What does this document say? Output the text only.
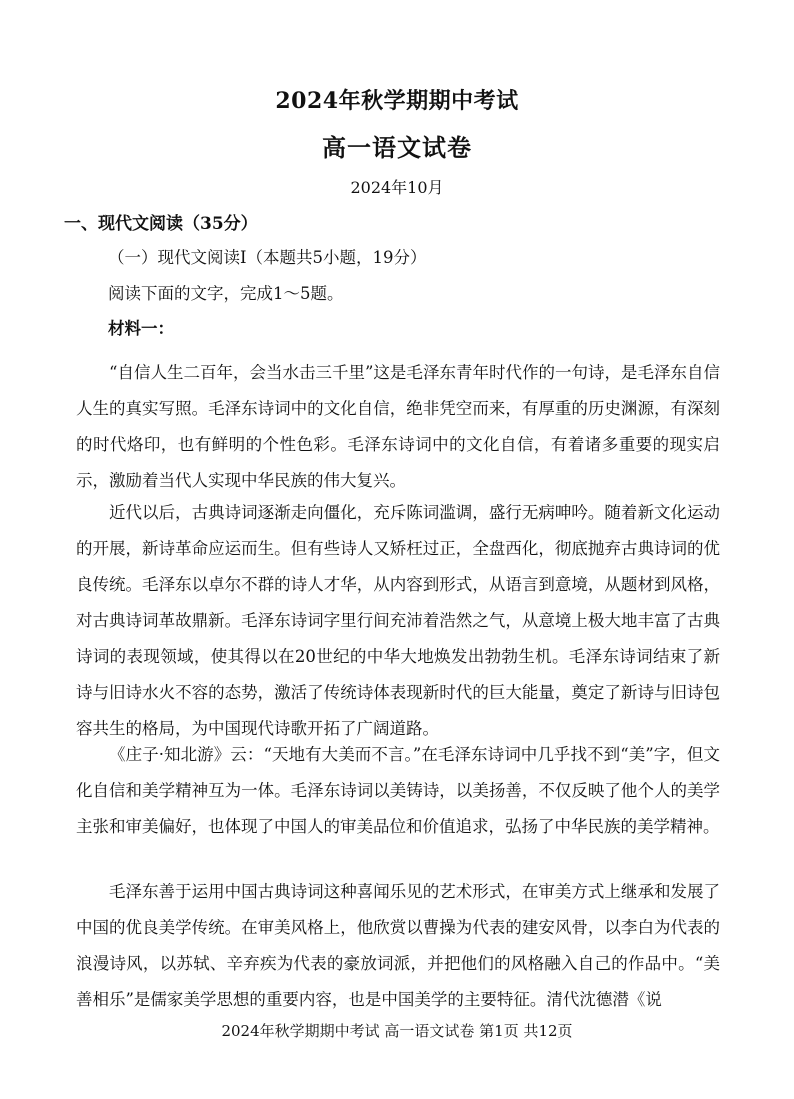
2024年秋学期期中考试
高一语文试卷
2024年10月
一、现代文阅读（35分）
（一）现代文阅读Ⅰ（本题共5小题，19分）
阅读下面的文字，完成1～5题。
材料一：

“自信人生二百年，会当水击三千里”这是毛泽东青年时代作的一句诗，是毛泽东自信人生的真实写照。毛泽东诗词中的文化自信，绝非凭空而来，有厚重的历史渊源，有深刻的时代烙印，也有鲜明的个性色彩。毛泽东诗词中的文化自信，有着诸多重要的现实启示，激励着当代人实现中华民族的伟大复兴。

近代以后，古典诗词逐渐走向僵化，充斥陈词滥调，盛行无病呻吟。随着新文化运动的开展，新诗革命应运而生。但有些诗人又矫枉过正，全盘西化，彻底抛弃古典诗词的优良传统。毛泽东以卓尔不群的诗人才华，从内容到形式，从语言到意境，从题材到风格，对古典诗词革故鼎新。毛泽东诗词字里行间充沛着浩然之气，从意境上极大地丰富了古典诗词的表现领域，使其得以在20世纪的中华大地焕发出勃勃生机。毛泽东诗词结束了新诗与旧诗水火不容的态势，激活了传统诗体表现新时代的巨大能量，奠定了新诗与旧诗包容共生的格局，为中国现代诗歌开拓了广阔道路。

《庄子·知北游》云：“天地有大美而不言。”在毛泽东诗词中几乎找不到“美”字，但文化自信和美学精神互为一体。毛泽东诗词以美铸诗，以美扬善，不仅反映了他个人的美学主张和审美偏好，也体现了中国人的审美品位和价值追求，弘扬了中华民族的美学精神。

毛泽东善于运用中国古典诗词这种喜闻乐见的艺术形式，在审美方式上继承和发展了中国的优良美学传统。在审美风格上，他欣赏以曹操为代表的建安风骨，以李白为代表的浪漫诗风，以苏轼、辛弃疾为代表的豪放词派，并把他们的风格融入自己的作品中。“美善相乐”是儒家美学思想的重要内容，也是中国美学的主要特征。清代沈德潜《说

2024年秋学期期中考试 高一语文试卷 第1页 共12页
